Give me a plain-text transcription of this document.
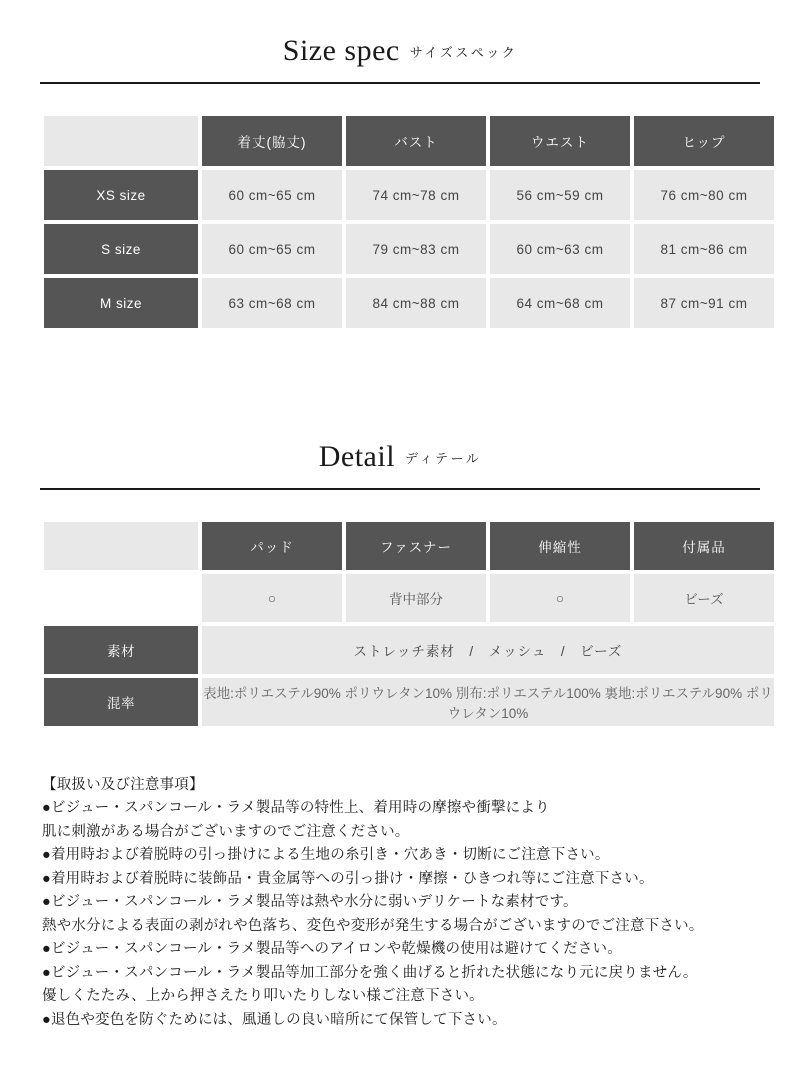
Size spec サイズスペック
	着丈(脇丈)	バスト	ウエスト	ヒップ
XS size	60 cm~65 cm	74 cm~78 cm	56 cm~59 cm	76 cm~80 cm
S size	60 cm~65 cm	79 cm~83 cm	60 cm~63 cm	81 cm~86 cm
M size	63 cm~68 cm	84 cm~88 cm	64 cm~68 cm	87 cm~91 cm
Detail ディテール
	パッド	ファスナー	伸縮性	付属品
	○	背中部分	○	ビーズ
素材	ストレッチ素材　/　メッシュ　/　ビーズ			
混率	表地:ポリエステル90% ポリウレタン10% 別布:ポリエステル100% 裏地:ポリエステル90% ポリウレタン10%			
【取扱い及び注意事項】
●ビジュー・スパンコール・ラメ製品等の特性上、着用時の摩擦や衝撃により
肌に刺激がある場合がございますのでご注意ください。
●着用時および着脱時の引っ掛けによる生地の糸引き・穴あき・切断にご注意下さい。
●着用時および着脱時に装飾品・貴金属等への引っ掛け・摩擦・ひきつれ等にご注意下さい。
●ビジュー・スパンコール・ラメ製品等は熱や水分に弱いデリケートな素材です。
熱や水分による表面の剥がれや色落ち、変色や変形が発生する場合がございますのでご注意下さい。
●ビジュー・スパンコール・ラメ製品等へのアイロンや乾燥機の使用は避けてください。
●ビジュー・スパンコール・ラメ製品等加工部分を強く曲げると折れた状態になり元に戻りません。
優しくたたみ、上から押さえたり叩いたりしない様ご注意下さい。
●退色や変色を防ぐためには、風通しの良い暗所にて保管して下さい。
